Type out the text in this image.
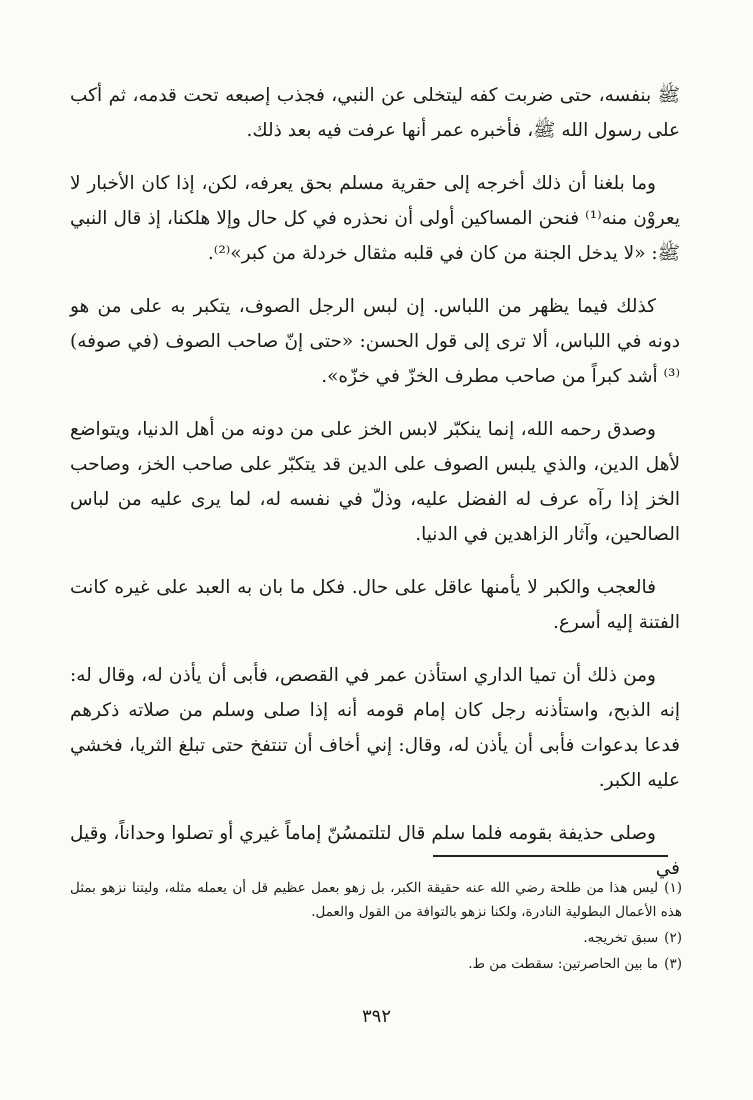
ﷺ بنفسه، حتى ضربت كفه ليتخلى عن النبي، فجذب إصبعه تحت قدمه، ثم أكب على رسول الله ﷺ، فأخبره عمر أنها عرفت فيه بعد ذلك.

وما بلغنا أن ذلك أخرجه إلى حقرية مسلم بحق يعرفه، لكن، إذا كان الأخبار لا يعروْن منه⁽¹⁾ فنحن المساكين أولى أن نحذره في كل حال وإلا هلكنا، إذ قال النبي ﷺ: «لا يدخل الجنة من كان في قلبه مثقال خردلة من كبر»⁽²⁾.

كذلك فيما يظهر من اللباس. إن لبس الرجل الصوف، يتكبر به على من هو دونه في اللباس، ألا ترى إلى قول الحسن: «حتى إنّ صاحب الصوف (في صوفه)⁽³⁾ أشد كبراً من صاحب مطرف الخزّ في خزّه».

وصدق رحمه الله، إنما ينكبّر لابس الخز على من دونه من أهل الدنيا، ويتواضع لأهل الدين، والذي يلبس الصوف على الدين قد يتكبّر على صاحب الخز، وصاحب الخز إذا رآه عرف له الفضل عليه، وذلّ في نفسه له، لما يرى عليه من لباس الصالحين، وآثار الزاهدين في الدنيا.

فالعجب والكبر لا يأمنها عاقل على حال. فكل ما بان به العبد على غيره كانت الفتنة إليه أسرع.

ومن ذلك أن تميا الداري استأذن عمر في القصص، فأبى أن يأذن له، وقال له: إنه الذبح، واستأذنه رجل كان إمام قومه أنه إذا صلى وسلم من صلاته ذكرهم فدعا بدعوات فأبى أن يأذن له، وقال: إني أخاف أن تنتفخ حتى تبلغ الثريا، فخشي عليه الكبر.

وصلى حذيفة بقومه فلما سلم قال لتلتمسُنّ إماماً غيري أو تصلوا وحداناً، وقيل في

(١)ليس هذا من طلحة رضي الله عنه حقيقة الكبر، بل زهو بعمل عظيم قل أن يعمله مثله، وليتنا نزهو بمثل هذه الأعمال البطولية النادرة، ولكنا نزهو بالتوافة من القول والعمل.

(٢)سبق تخريجه.

(٣)ما بين الحاصرتين: سقطت من ط.

٣٩٢
